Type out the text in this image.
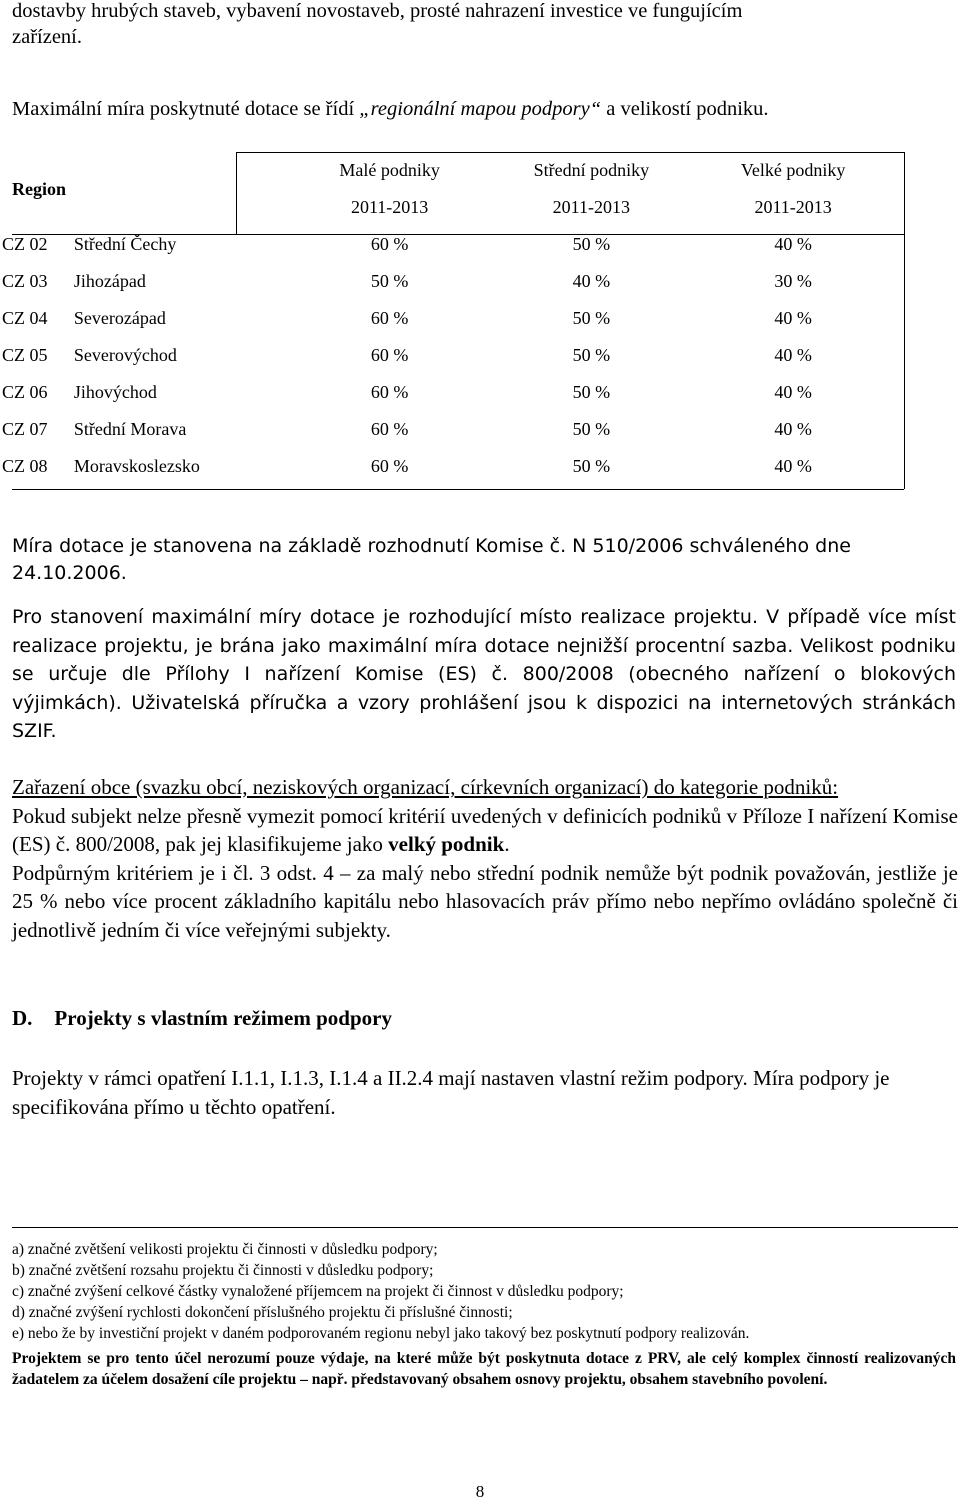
dostavby hrubých staveb, vybavení novostaveb, prosté nahrazení investice ve fungujícím
zařízení.

Maximální míra poskytnuté dotace se řídí „regionální mapou podpory“ a velikostí podniku.

Region		Malé podniky	Střední podniky	Velké podniky
		2011-2013	2011-2013	2011-2013
CZ 02	Střední Čechy	60 %	50 %	40 %
CZ 03	Jihozápad	50 %	40 %	30 %
CZ 04	Severozápad	60 %	50 %	40 %
CZ 05	Severovýchod	60 %	50 %	40 %
CZ 06	Jihovýchod	60 %	50 %	40 %
CZ 07	Střední Morava	60 %	50 %	40 %
CZ 08	Moravskoslezsko	60 %	50 %	40 %

Míra dotace je stanovena na základě rozhodnutí Komise č. N 510/2006 schváleného dne
24.10.2006.

Pro stanovení maximální míry dotace je rozhodující místo realizace projektu. V případě více míst realizace projektu, je brána jako maximální míra dotace nejnižší procentní sazba. Velikost podniku se určuje dle Přílohy I nařízení Komise (ES) č. 800/2008 (obecného nařízení o blokových výjimkách). Uživatelská příručka a vzory prohlášení jsou k dispozici na internetových stránkách SZIF.

Zařazení obce (svazku obcí, neziskových organizací, církevních organizací) do kategorie podniků:
Pokud subjekt nelze přesně vymezit pomocí kritérií uvedených v definicích podniků v Příloze I nařízení Komise (ES) č. 800/2008, pak jej klasifikujeme jako velký podnik.
Podpůrným kritériem je i čl. 3 odst. 4 – za malý nebo střední podnik nemůže být podnik považován, jestliže je 25 % nebo více procent základního kapitálu nebo hlasovacích práv přímo nebo nepřímo ovládáno společně či jednotlivě jedním či více veřejnými subjekty.

D. Projekty s vlastním režimem podpory

Projekty v rámci opatření I.1.1, I.1.3, I.1.4 a II.2.4 mají nastaven vlastní režim podpory. Míra podpory je specifikována přímo u těchto opatření.

a) značné zvětšení velikosti projektu či činnosti v důsledku podpory;

b) značné zvětšení rozsahu projektu či činnosti v důsledku podpory;

c) značné zvýšení celkové částky vynaložené příjemcem na projekt či činnost v důsledku podpory;

d) značné zvýšení rychlosti dokončení příslušného projektu či příslušné činnosti;

e) nebo že by investiční projekt v daném podporovaném regionu nebyl jako takový bez poskytnutí podpory realizován.

Projektem se pro tento účel nerozumí pouze výdaje, na které může být poskytnuta dotace z PRV, ale celý komplex činností realizovaných žadatelem za účelem dosažení cíle projektu – např. představovaný obsahem osnovy projektu, obsahem stavebního povolení.

8
